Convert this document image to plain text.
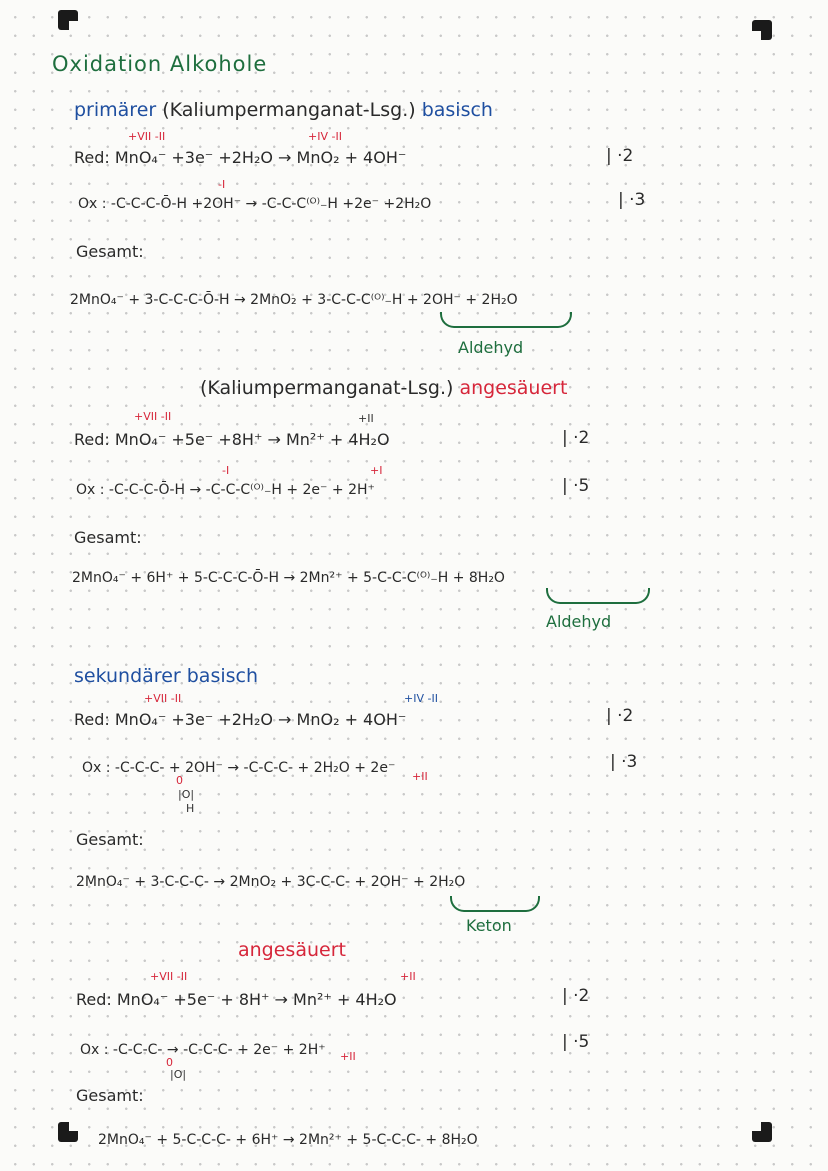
Oxidation Alkohole
primärer (Kaliumpermanganat-Lsg.) basisch
+VII -II	+IV -II
Red: MnO₄⁻ +3e⁻ +2H₂O → MnO₂ + 4OH⁻	| ·2
-I
Ox : -C-C-C-Ō-H +2OH⁻ → -C-C-C⁽ᴼ⁾₋H +2e⁻ +2H₂O	| ·3
Gesamt:
2MnO₄⁻ + 3-C-C-C-Ō-H → 2MnO₂ + 3-C-C-C⁽ᴼ⁾₋H + 2OH⁻ + 2H₂O
Aldehyd
(Kaliumpermanganat-Lsg.) angesäuert
+VII -II	+II
Red: MnO₄⁻ +5e⁻ +8H⁺ → Mn²⁺ + 4H₂O	| ·2
-I	+I
Ox : -C-C-C-Ō-H → -C-C-C⁽ᴼ⁾₋H + 2e⁻ + 2H⁺	| ·5
Gesamt:
2MnO₄⁻ + 6H⁺ + 5-C-C-C-Ō-H → 2Mn²⁺ + 5-C-C-C⁽ᴼ⁾₋H + 8H₂O
Aldehyd
sekundärer basisch
+VII -II	+IV -II
Red: MnO₄⁻ +3e⁻ +2H₂O → MnO₂ + 4OH⁻	| ·2
Ox : -C-C-C- + 2OH⁻ → -C-C-C- + 2H₂O + 2e⁻	| ·3
0	+II
|O|
H
Gesamt:
2MnO₄⁻ + 3-C-C-C- → 2MnO₂ + 3C-C-C- + 2OH⁻ + 2H₂O
Keton
angesäuert
+VII -II	+II
Red: MnO₄⁻ +5e⁻ + 8H⁺ → Mn²⁺ + 4H₂O	| ·2
Ox : -C-C-C- → -C-C-C- + 2e⁻ + 2H⁺	| ·5
0	+II
|O|
Gesamt:
2MnO₄⁻ + 5-C-C-C- + 6H⁺ → 2Mn²⁺ + 5-C-C-C- + 8H₂O
